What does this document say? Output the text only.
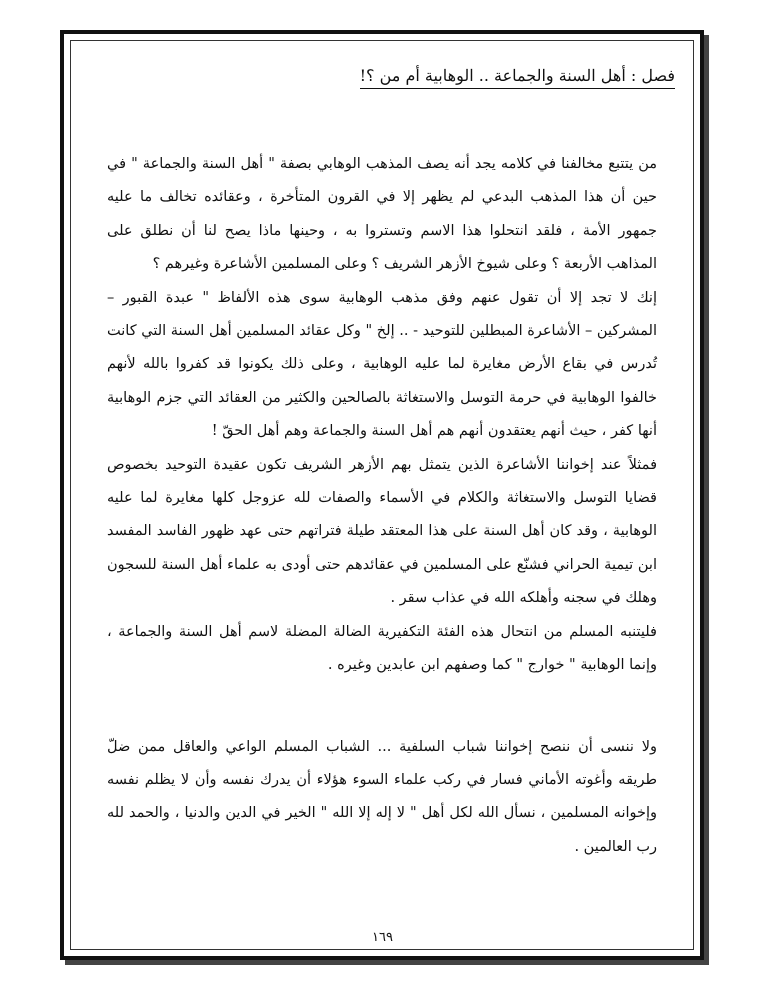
فصل : أهل السنة والجماعة .. الوهابية أم من ؟!

من يتتبع مخالفنا في كلامه يجد أنه يصف المذهب الوهابي بصفة " أهل السنة والجماعة " في حين أن هذا المذهب البدعي لم يظهر إلا في القرون المتأخرة ، وعقائده تخالف ما عليه جمهور الأمة ، فلقد انتحلوا هذا الاسم وتستروا به ، وحينها ماذا يصح لنا أن نطلق على المذاهب الأربعة ؟ وعلى شيوخ الأزهر الشريف ؟ وعلى المسلمين الأشاعرة وغيرهم ؟

إنك لا تجد إلا أن تقول عنهم وفق مذهب الوهابية سوى هذه الألفاظ " عبدة القبور – المشركين – الأشاعرة المبطلين للتوحيد - .. إلخ " وكل عقائد المسلمين أهل السنة التي كانت تُدرس في بقاع الأرض مغايرة لما عليه الوهابية ، وعلى ذلك يكونوا قد كفروا بالله لأنهم خالفوا الوهابية في حرمة التوسل والاستغاثة بالصالحين والكثير من العقائد التي جزم الوهابية أنها كفر ، حيث أنهم يعتقدون أنهم هم أهل السنة والجماعة وهم أهل الحقّ !

فمثلاً عند إخواننا الأشاعرة الذين يتمثل بهم الأزهر الشريف تكون عقيدة التوحيد بخصوص قضايا التوسل والاستغاثة والكلام في الأسماء والصفات لله عزوجل كلها مغايرة لما عليه الوهابية ، وقد كان أهل السنة على هذا المعتقد طيلة فتراتهم حتى عهد ظهور الفاسد المفسد ابن تيمية الحراني فشنّع على المسلمين في عقائدهم حتى أودى به علماء أهل السنة للسجون وهلك في سجنه وأهلكه الله في عذاب سقر .

فليتنبه المسلم من انتحال هذه الفئة التكفيرية الضالة المضلة لاسم أهل السنة والجماعة ، وإنما الوهابية " خوارج " كما وصفهم ابن عابدين وغيره .

ولا ننسى أن ننصح إخواننا شباب السلفية ... الشباب المسلم الواعي والعاقل ممن ضلّ طريقه وأغوته الأماني فسار في ركب علماء السوء هؤلاء أن يدرك نفسه وأن لا يظلم نفسه وإخوانه المسلمين ، نسأل الله لكل أهل " لا إله إلا الله " الخير في الدين والدنيا ، والحمد لله رب العالمين .

١٦٩
